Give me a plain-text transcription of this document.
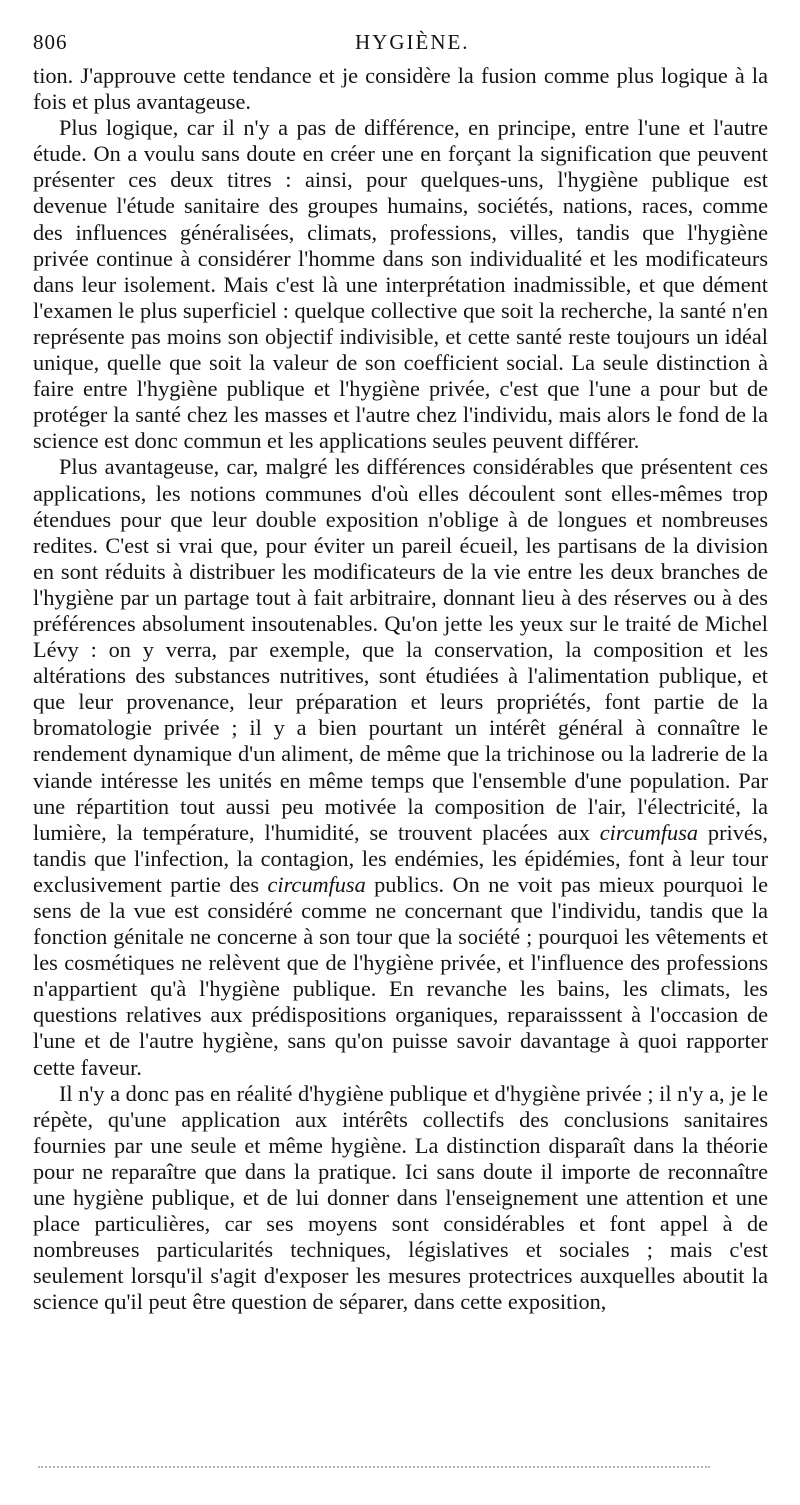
806	HYGIÈNE.

tion. J'approuve cette tendance et je considère la fusion comme plus logique à la fois et plus avantageuse.

Plus logique, car il n'y a pas de différence, en principe, entre l'une et l'autre étude. On a voulu sans doute en créer une en forçant la signification que peuvent présenter ces deux titres : ainsi, pour quelques-uns, l'hygiène publique est devenue l'étude sanitaire des groupes humains, sociétés, nations, races, comme des influences généralisées, climats, professions, villes, tandis que l'hygiène privée continue à considérer l'homme dans son individualité et les modificateurs dans leur isolement. Mais c'est là une interprétation inadmissible, et que dément l'examen le plus superficiel : quelque collective que soit la recherche, la santé n'en représente pas moins son objectif indivisible, et cette santé reste toujours un idéal unique, quelle que soit la valeur de son coefficient social. La seule distinction à faire entre l'hygiène publique et l'hygiène privée, c'est que l'une a pour but de protéger la santé chez les masses et l'autre chez l'individu, mais alors le fond de la science est donc commun et les applications seules peuvent différer.

Plus avantageuse, car, malgré les différences considérables que présentent ces applications, les notions communes d'où elles découlent sont elles-mêmes trop étendues pour que leur double exposition n'oblige à de longues et nombreuses redites. C'est si vrai que, pour éviter un pareil écueil, les partisans de la division en sont réduits à distribuer les modificateurs de la vie entre les deux branches de l'hygiène par un partage tout à fait arbitraire, donnant lieu à des réserves ou à des préférences absolument insoutenables. Qu'on jette les yeux sur le traité de Michel Lévy : on y verra, par exemple, que la conservation, la composition et les altérations des substances nutritives, sont étudiées à l'alimentation publique, et que leur provenance, leur préparation et leurs propriétés, font partie de la bromatologie privée ; il y a bien pourtant un intérêt général à connaître le rendement dynamique d'un aliment, de même que la trichinose ou la ladrerie de la viande intéresse les unités en même temps que l'ensemble d'une population. Par une répartition tout aussi peu motivée la composition de l'air, l'électricité, la lumière, la température, l'humidité, se trouvent placées aux circumfusa privés, tandis que l'infection, la contagion, les endémies, les épidémies, font à leur tour exclusivement partie des circumfusa publics. On ne voit pas mieux pourquoi le sens de la vue est considéré comme ne concernant que l'individu, tandis que la fonction génitale ne concerne à son tour que la société ; pourquoi les vêtements et les cosmétiques ne relèvent que de l'hygiène privée, et l'influence des professions n'appartient qu'à l'hygiène publique. En revanche les bains, les climats, les questions relatives aux prédispositions organiques, reparaisssent à l'occasion de l'une et de l'autre hygiène, sans qu'on puisse savoir davantage à quoi rapporter cette faveur.

Il n'y a donc pas en réalité d'hygiène publique et d'hygiène privée ; il n'y a, je le répète, qu'une application aux intérêts collectifs des conclusions sanitaires fournies par une seule et même hygiène. La distinction disparaît dans la théorie pour ne reparaître que dans la pratique. Ici sans doute il importe de reconnaître une hygiène publique, et de lui donner dans l'enseignement une attention et une place particulières, car ses moyens sont considérables et font appel à de nombreuses particularités techniques, législatives et sociales ; mais c'est seulement lorsqu'il s'agit d'exposer les mesures protectrices auxquelles aboutit la science qu'il peut être question de séparer, dans cette exposition,
